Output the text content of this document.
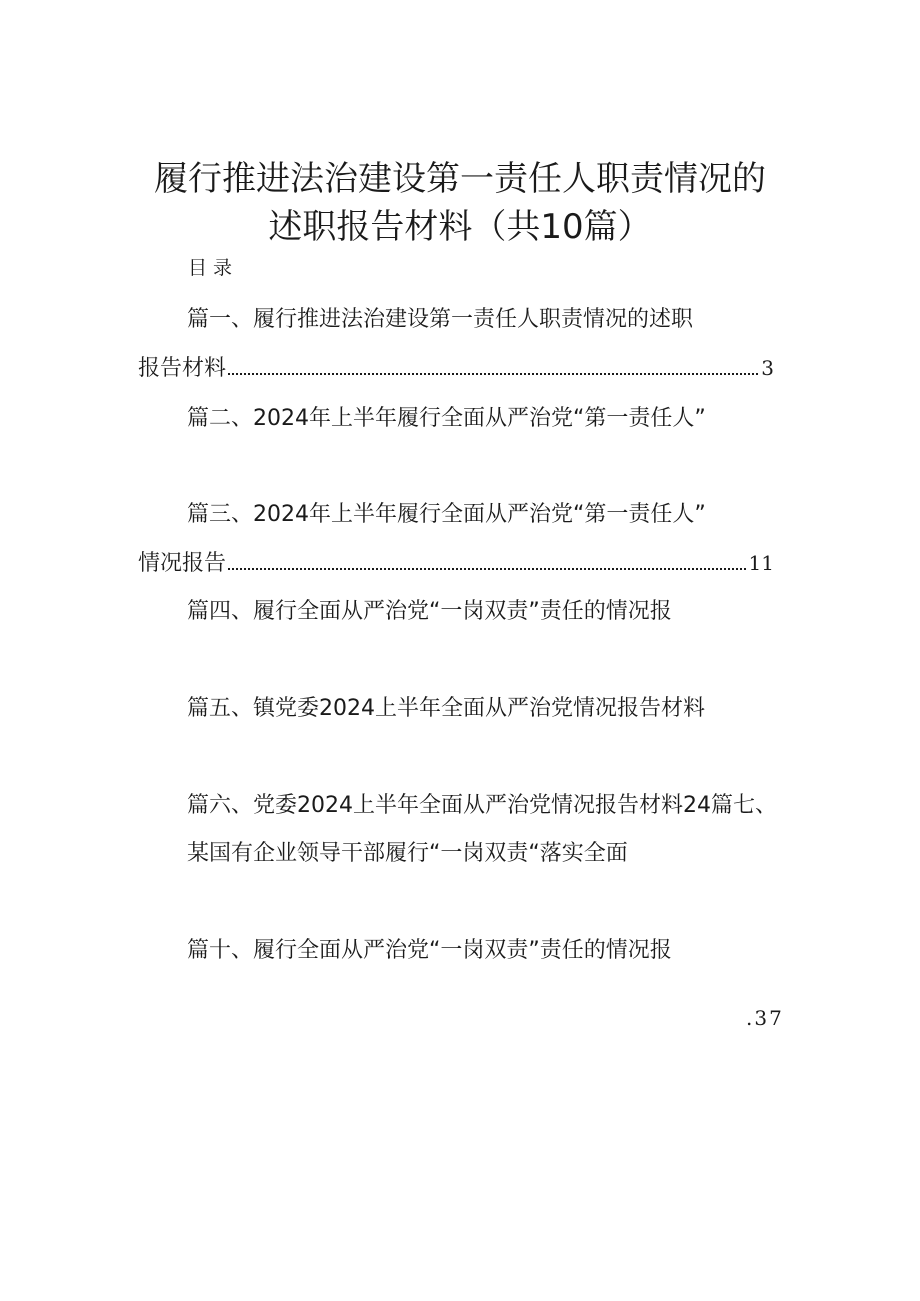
履行推进法治建设第一责任人职责情况的
述职报告材料（共10篇）
目录
篇一、履行推进法治建设第一责任人职责情况的述职
报告材料	3
篇二、2024年上半年履行全面从严治党“第一责任人”
篇三、2024年上半年履行全面从严治党“第一责任人”
情况报告	11
篇四、履行全面从严治党“一岗双责”责任的情况报
篇五、镇党委2024上半年全面从严治党情况报告材料
篇六、党委2024上半年全面从严治党情况报告材料24篇七、
某国有企业领导干部履行“一岗双责“落实全面
篇十、履行全面从严治党“一岗双责”责任的情况报
.37
